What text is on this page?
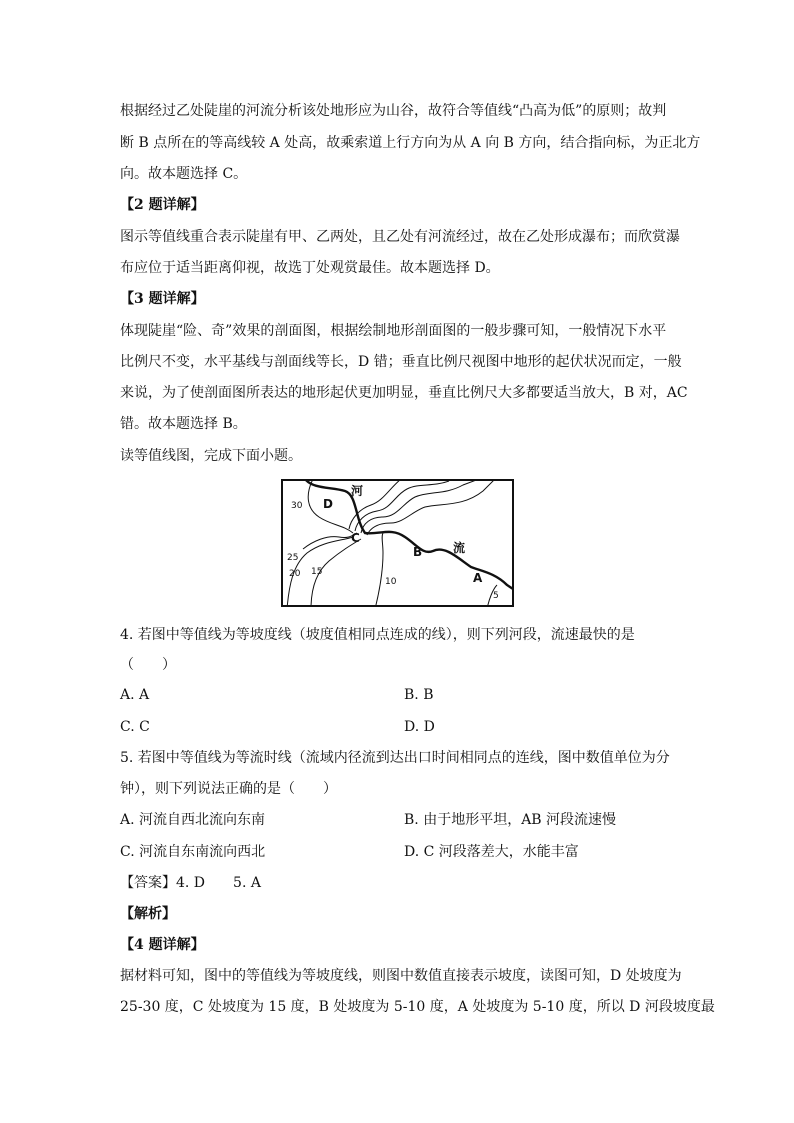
根据经过乙处陡崖的河流分析该处地形应为山谷，故符合等值线“凸高为低”的原则；故判
断 B 点所在的等高线较 A 处高，故乘索道上行方向为从 A 向 B 方向，结合指向标，为正北方
向。故本题选择 C。
【2 题详解】
图示等值线重合表示陡崖有甲、乙两处，且乙处有河流经过，故在乙处形成瀑布；而欣赏瀑
布应位于适当距离仰视，故选丁处观赏最佳。故本题选择 D。
【3 题详解】
体现陡崖“险、奇”效果的剖面图，根据绘制地形剖面图的一般步骤可知，一般情况下水平
比例尺不变，水平基线与剖面线等长，D 错；垂直比例尺视图中地形的起伏状况而定，一般
来说，为了使剖面图所表达的地形起伏更加明显，垂直比例尺大多都要适当放大，B 对，AC
错。故本题选择 B。
读等值线图，完成下面小题。
河
流
D
C
B
A
30
25
20 15
10
5
4. 若图中等值线为等坡度线（坡度值相同点连成的线），则下列河段，流速最快的是
（　　）
A. A	B. B
C. C	D. D
5. 若图中等值线为等流时线（流域内径流到达出口时间相同点的连线，图中数值单位为分
钟），则下列说法正确的是（　　）
A. 河流自西北流向东南	B. 由于地形平坦，AB 河段流速慢
C. 河流自东南流向西北	D. C 河段落差大，水能丰富
【答案】4. D　　5. A
【解析】
【4 题详解】
据材料可知，图中的等值线为等坡度线，则图中数值直接表示坡度，读图可知，D 处坡度为
25-30 度，C 处坡度为 15 度，B 处坡度为 5-10 度，A 处坡度为 5-10 度，所以 D 河段坡度最
